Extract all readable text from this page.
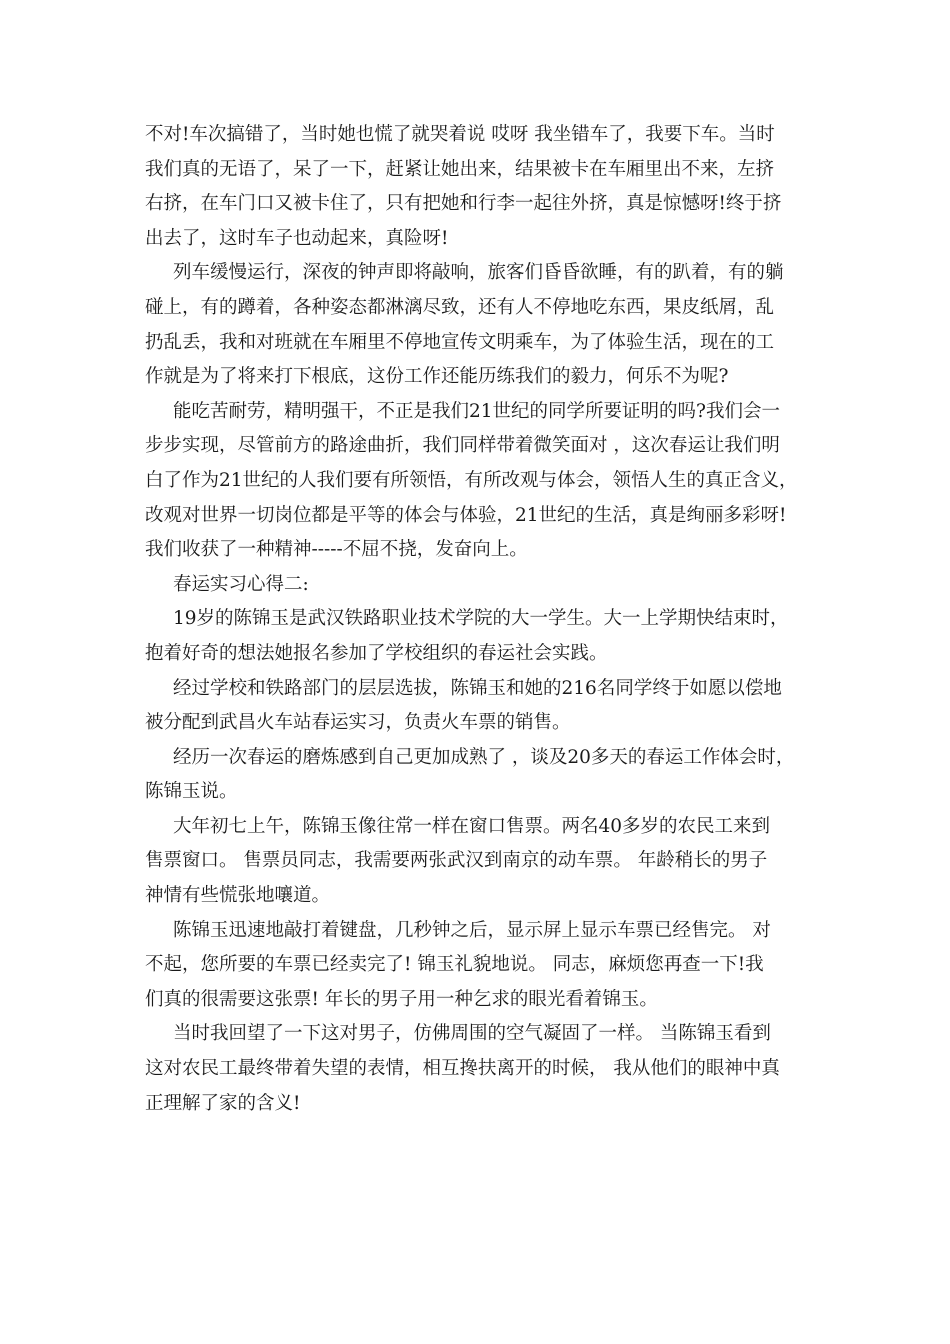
不对!车次搞错了，当时她也慌了就哭着说 哎呀 我坐错车了，我要下车。当时
我们真的无语了，呆了一下，赶紧让她出来，结果被卡在车厢里出不来，左挤
右挤，在车门口又被卡住了，只有把她和行李一起往外挤，真是惊憾呀!终于挤
出去了，这时车子也动起来，真险呀!
列车缓慢运行，深夜的钟声即将敲响，旅客们昏昏欲睡，有的趴着，有的躺
碰上，有的蹲着，各种姿态都淋漓尽致，还有人不停地吃东西，果皮纸屑，乱
扔乱丢，我和对班就在车厢里不停地宣传文明乘车，为了体验生活，现在的工
作就是为了将来打下根底，这份工作还能历练我们的毅力，何乐不为呢?
能吃苦耐劳，精明强干，不正是我们21世纪的同学所要证明的吗?我们会一
步步实现，尽管前方的路途曲折，我们同样带着微笑面对 ，这次春运让我们明
白了作为21世纪的人我们要有所领悟，有所改观与体会，领悟人生的真正含义，
改观对世界一切岗位都是平等的体会与体验，21世纪的生活，真是绚丽多彩呀!
我们收获了一种精神-----不屈不挠，发奋向上。
春运实习心得二:
19岁的陈锦玉是武汉铁路职业技术学院的大一学生。大一上学期快结束时，
抱着好奇的想法她报名参加了学校组织的春运社会实践。
经过学校和铁路部门的层层选拔，陈锦玉和她的216名同学终于如愿以偿地
被分配到武昌火车站春运实习，负责火车票的销售。
经历一次春运的磨炼感到自己更加成熟了 ，谈及20多天的春运工作体会时，
陈锦玉说。
大年初七上午，陈锦玉像往常一样在窗口售票。两名40多岁的农民工来到
售票窗口。 售票员同志，我需要两张武汉到南京的动车票。 年龄稍长的男子
神情有些慌张地嚷道。
陈锦玉迅速地敲打着键盘，几秒钟之后，显示屏上显示车票已经售完。 对
不起，您所要的车票已经卖完了! 锦玉礼貌地说。 同志，麻烦您再查一下!我
们真的很需要这张票! 年长的男子用一种乞求的眼光看着锦玉。
当时我回望了一下这对男子，仿佛周围的空气凝固了一样。 当陈锦玉看到
这对农民工最终带着失望的表情，相互搀扶离开的时候， 我从他们的眼神中真
正理解了家的含义!
